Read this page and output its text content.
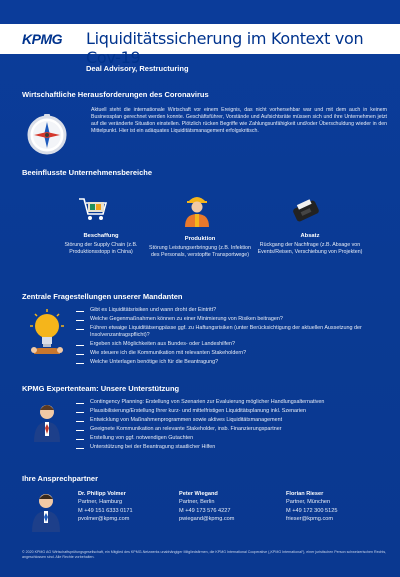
KPMG Liquiditätssicherung im Kontext von Cov-19
Deal Advisory, Restructuring
Wirtschaftliche Herausforderungen des Coronavirus
Aktuell steht die internationale Wirtschaft vor einem Ereignis, das nicht vorhersehbar war und mit dem auch in keinem Businessplan gerechnet werden konnte. Geschäftsführer, Vorstände und Aufsichtsräte müssen sich und ihre Unternehmen jetzt auf die veränderte Situation einstellen. Plötzlich rücken Begriffe wie Zahlungsunfähigkeit und/oder Überschuldung wieder in den Mittelpunkt. Hier ist ein adäquates Liquiditätsmanagement erfolgskritisch.
Beeinflusste Unternehmensbereiche
Beschaffung
Störung der Supply Chain (z.B. Produktionsstopp in China)
Produktion
Störung Leistungserbringung (z.B. Infektion des Personals, verstopfte Transportwege)
Absatz
Rückgang der Nachfrage (z.B. Absage von Events/Reisen, Verschiebung von Projekten)
Zentrale Fragestellungen unserer Mandanten
Gibt es Liquiditätsrisiken und wann droht der Eintritt?
Welche Gegenmaßnahmen können zu einer Minimierung von Risiken beitragen?
Führen etwaige Liquiditätsengpässe ggf. zu Haftungsrisiken (unter Berücksichtigung der aktuellen Aussetzung der Insolvenzantragspflicht)?
Ergeben sich Möglichkeiten aus Bundes- oder Landeshilfen?
Wie steuere ich die Kommunikation mit relevanten Stakeholdern?
Welche Unterlagen benötige ich für die Beantragung?
KPMG Expertenteam: Unsere Unterstützung
Contingency Planning: Erstellung von Szenarien zur Evaluierung möglicher Handlungsalternativen
Plausibilisierung/Erstellung Ihrer kurz- und mittelfristigen Liquiditätsplanung inkl. Szenarien
Entwicklung von Maßnahmenprogrammen sowie aktives Liquiditätsmanagement
Geeignete Kommunikation an relevante Stakeholder, insb. Finanzierungspartner
Erstellung von ggf. notwendigen Gutachten
Unterstützung bei der Beantragung staatlicher Hilfen
Ihre Ansprechpartner
Dr. Philipp Volmer
Partner, Hamburg
M +49 151 6333 0171
pvolmer@kpmg.com
Peter Wiegand
Partner, Berlin
M +49 173 576 4227
pwiegand@kpmg.com
Florian Rieser
Partner, München
M +49 172 300 5125
frieser@kpmg.com
© 2020 KPMG AG Wirtschaftsprüfungsgesellschaft, ein Mitglied des KPMG-Netzwerks unabhängiger Mitgliedsfirmen, die KPMG International Cooperative („KPMG International“), einer juristischen Person schweizerischen Rechts, angeschlossen sind. Alle Rechte vorbehalten.
